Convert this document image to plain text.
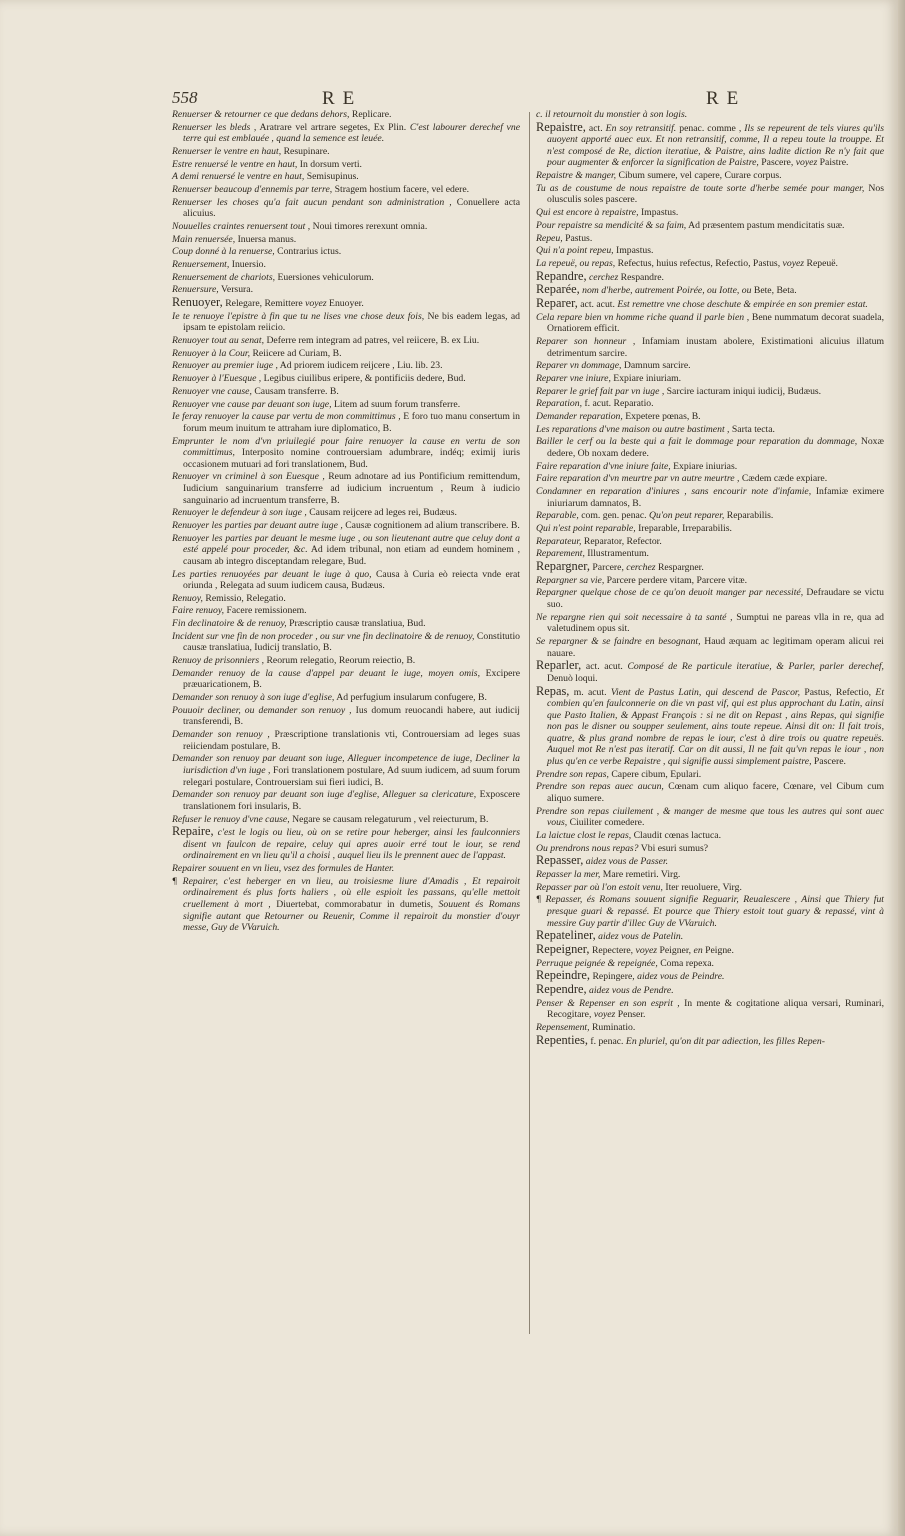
558	RE	RE
Renuerser & retourner ce que dedans dehors, Replicare.
Renuerser les bleds , Aratrare vel artrare segetes, Ex Plin. C'est labourer derechef vne terre qui est emblauée , quand la semence est leuée.
Renuerser le ventre en haut, Resupinare.
Estre renuersé le ventre en haut, In dorsum verti.
A demi renuersé le ventre en haut, Semisupinus.
Renuerser beaucoup d'ennemis par terre, Stragem hostium facere, vel edere.
Renuerser les choses qu'a fait aucun pendant son administration , Conuellere acta alicuius.
Nouuelles craintes renuersent tout , Noui timores rerexunt omnia.
Main renuersée, Inuersa manus.
Coup donné à la renuerse, Contrarius ictus.
Renuersement, Inuersio.
Renuersement de chariots, Euersiones vehiculorum.
Renuersure, Versura.
Renuoyer, Relegare, Remittere voyez Enuoyer.
Ie te renuoye l'epistre à fin que tu ne lises vne chose deux fois, Ne bis eadem legas, ad ipsam te epistolam reiicio.
Renuoyer tout au senat, Deferre rem integram ad patres, vel reiicere, B. ex Liu.
Renuoyer à la Cour, Reiicere ad Curiam, B.
Renuoyer au premier iuge , Ad priorem iudicem reijcere , Liu. lib. 23.
Renuoyer à l'Euesque , Legibus ciuilibus eripere, & pontificiis dedere, Bud.
Renuoyer vne cause, Causam transferre. B.
Renuoyer vne cause par deuant son iuge, Litem ad suum forum transferre.
Ie feray renuoyer la cause par vertu de mon committimus , E foro tuo manu consertum in forum meum inuitum te attraham iure diplomatico, B.
Emprunter le nom d'vn priuilegié pour faire renuoyer la cause en vertu de son committimus, Interposito nomine controuersiam adumbrare, indéq; eximij iuris occasionem mutuari ad fori translationem, Bud.
Renuoyer vn criminel à son Euesque , Reum adnotare ad ius Pontificium remittendum, Iudicium sanguinarium transferre ad iudicium incruentum , Reum à iudicio sanguinario ad incruentum transferre, B.
Renuoyer le defendeur à son iuge , Causam reijcere ad leges rei, Budæus.
Renuoyer les parties par deuant autre iuge , Causæ cognitionem ad alium transcribere. B.
Renuoyer les parties par deuant le mesme iuge , ou son lieutenant autre que celuy dont a esté appelé pour proceder, &c. Ad idem tribunal, non etiam ad eundem hominem , causam ab integro disceptandam relegare, Bud.
Les parties renuoyées par deuant le iuge à quo, Causa à Curia eò reiecta vnde erat oriunda , Relegata ad suum iudicem causa, Budæus.
Renuoy, Remissio, Relegatio.
Faire renuoy, Facere remissionem.
Fin declinatoire & de renuoy, Præscriptio causæ translatiua, Bud.
Incident sur vne fin de non proceder , ou sur vne fin declinatoire & de renuoy, Constitutio causæ translatiua, Iudicij translatio, B.
Renuoy de prisonniers , Reorum relegatio, Reorum reiectio, B.
Demander renuoy de la cause d'appel par deuant le iuge, moyen omis, Excipere præuaricationem, B.
Demander son renuoy à son iuge d'eglise, Ad perfugium insularum confugere, B.
Pouuoir decliner, ou demander son renuoy , Ius domum reuocandi habere, aut iudicij transferendi, B.
Demander son renuoy , Præscriptione translationis vti, Controuersiam ad leges suas reiiciendam postulare, B.
Demander son renuoy par deuant son iuge, Alleguer incompetence de iuge, Decliner la iurisdiction d'vn iuge , Fori translationem postulare, Ad suum iudicem, ad suum forum relegari postulare, Controuersiam sui fieri iudici, B.
Demander son renuoy par deuant son iuge d'eglise, Alleguer sa clericature, Exposcere translationem fori insularis, B.
Refuser le renuoy d'vne cause, Negare se causam relegaturum , vel reiecturum, B.
Repaire, c'est le logis ou lieu, où on se retire pour heberger, ainsi les faulconniers disent vn faulcon de repaire, celuy qui apres auoir erré tout le iour, se rend ordinairement en vn lieu qu'il a choisi , auquel lieu ils le prennent auec de l'appast.
Repairer souuent en vn lieu, vsez des formules de Hanter.
¶ Repairer, c'est heberger en vn lieu, au troisiesme liure d'Amadis , Et repairoit ordinairement és plus forts haliers , où elle espioit les passans, qu'elle mettoit cruellement à mort , Diuertebat, commorabatur in dumetis, Souuent és Romans signifie autant que Retourner ou Reuenir, Comme il repairoit du monstier d'ouyr messe, Guy de VVaruich.
c. il retournoit du monstier à son logis.
Repaistre, act. En soy retransitif. penac. comme , Ils se repeurent de tels viures qu'ils auoyent apporté auec eux. Et non retransitif, comme, Il a repeu toute la trouppe. Et n'est composé de Re, diction iteratiue, & Paistre, ains ladite diction Re n'y fait que pour augmenter & enforcer la signification de Paistre, Pascere, voyez Paistre.
Repaistre & manger, Cibum sumere, vel capere, Curare corpus.
Tu as de coustume de nous repaistre de toute sorte d'herbe semée pour manger, Nos olusculis soles pascere.
Qui est encore à repaistre, Impastus.
Pour repaistre sa mendicité & sa faim, Ad præsentem pastum mendicitatis suæ.
Repeu, Pastus.
Qui n'a point repeu, Impastus.
La repeuë, ou repas, Refectus, huius refectus, Refectio, Pastus, voyez Repeuë.
Repandre, cerchez Respandre.
Reparée, nom d'herbe, autrement Poirée, ou Iotte, ou Bete, Beta.
Reparer, act. acut. Est remettre vne chose deschute & empirée en son premier estat.
Cela repare bien vn homme riche quand il parle bien , Bene nummatum decorat suadela, Ornatiorem efficit.
Reparer son honneur , Infamiam inustam abolere, Existimationi alicuius illatum detrimentum sarcire.
Reparer vn dommage, Damnum sarcire.
Reparer vne iniure, Expiare iniuriam.
Reparer le grief fait par vn iuge , Sarcire iacturam iniqui iudicij, Budæus.
Reparation, f. acut. Reparatio.
Demander reparation, Expetere pœnas, B.
Les reparations d'vne maison ou autre bastiment , Sarta tecta.
Bailler le cerf ou la beste qui a fait le dommage pour reparation du dommage, Noxæ dedere, Ob noxam dedere.
Faire reparation d'vne iniure faite, Expiare iniurias.
Faire reparation d'vn meurtre par vn autre meurtre , Cædem cæde expiare.
Condamner en reparation d'iniures , sans encourir note d'infamie, Infamiæ eximere iniuriarum damnatos, B.
Reparable, com. gen. penac. Qu'on peut reparer, Reparabilis.
Qui n'est point reparable, Ireparable, Irreparabilis.
Reparateur, Reparator, Refector.
Reparement, Illustramentum.
Repargner, Parcere, cerchez Respargner.
Repargner sa vie, Parcere perdere vitam, Parcere vitæ.
Repargner quelque chose de ce qu'on deuoit manger par necessité, Defraudare se victu suo.
Ne repargne rien qui soit necessaire à ta santé , Sumptui ne pareas vlla in re, qua ad valetudinem opus sit.
Se repargner & se faindre en besognant, Haud æquam ac legitimam operam alicui rei nauare.
Reparler, act. acut. Composé de Re particule iteratiue, & Parler, parler derechef, Denuò loqui.
Repas, m. acut. Vient de Pastus Latin, qui descend de Pascor, Pastus, Refectio, Et combien qu'en faulconnerie on die vn past vif, qui est plus approchant du Latin, ainsi que Pasto Italien, & Appast François : si ne dit on Repast , ains Repas, qui signifie non pas le disner ou soupper seulement, ains toute repeue. Ainsi dit on: Il fait trois, quatre, & plus grand nombre de repas le iour, c'est à dire trois ou quatre repeuës. Auquel mot Re n'est pas iteratif. Car on dit aussi, Il ne fait qu'vn repas le iour , non plus qu'en ce verbe Repaistre , qui signifie aussi simplement paistre, Pascere.
Prendre son repas, Capere cibum, Epulari.
Prendre son repas auec aucun, Cœnam cum aliquo facere, Cœnare, vel Cibum cum aliquo sumere.
Prendre son repas ciuilement , & manger de mesme que tous les autres qui sont auec vous, Ciuiliter comedere.
La laictue clost le repas, Claudit cœnas lactuca.
Ou prendrons nous repas? Vbi esuri sumus?
Repasser, aidez vous de Passer.
Repasser la mer, Mare remetiri. Virg.
Repasser par où l'on estoit venu, Iter reuoluere, Virg.
¶ Repasser, és Romans souuent signifie Reguarir, Reualescere , Ainsi que Thiery fut presque guari & repassé. Et pource que Thiery estoit tout guary & repassé, vint à messire Guy partir d'illec Guy de VVaruich.
Repateliner, aidez vous de Patelin.
Repeigner, Repectere, voyez Peigner, en Peigne.
Perruque peignée & repeignée, Coma repexa.
Repeindre, Repingere, aidez vous de Peindre.
Rependre, aidez vous de Pendre.
Penser & Repenser en son esprit , In mente & cogitatione aliqua versari, Ruminari, Recogitare, voyez Penser.
Repensement, Ruminatio.
Repenties, f. penac. En pluriel, qu'on dit par adiection, les filles Repen-
